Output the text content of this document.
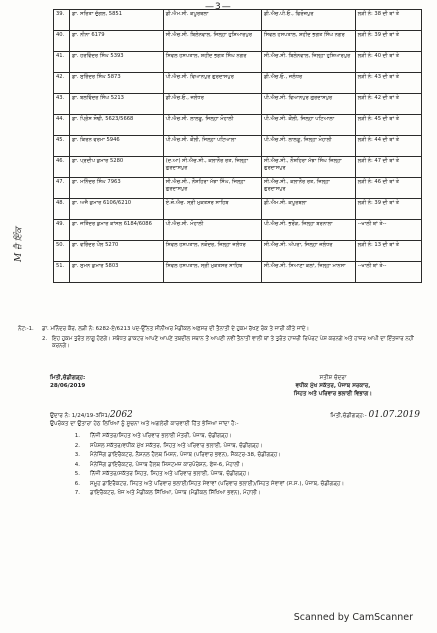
—3—
39.	ਡਾ. ਸਰਿਤਾ ਦੁੱਗਲ, 5851	ਡੀ.ਐਮ.ਸੀ. ਕਪੂਰਥਲਾ	ਡੀ.ਐਚ.ਪੀ.ਓ., ਫਿਰੋਜ਼ਪੁਰ	ਲੜੀ ਨੰ: 38 ਦੀ ਥਾਂ ਤੇ
40.	ਡਾ. ਨੀਨਾ 6179	ਸੀ.ਐਚ.ਸੀ. ਬਿਲੇਨਵਾਲ, ਜਿਲ੍ਹਾ ਹੁਸ਼ਿਆਰਪੁਰ	ਸਿਵਲ ਹਸਪਤਾਲ, ਸ਼ਹੀਦ ਭਗਤ ਸਿੰਘ ਨਗਰ	ਲੜੀ ਨੰ: 39 ਦੀ ਥਾਂ ਤੇ
41.	ਡਾ. ਹਰਵਿੰਦਰ ਸਿੰਘ 5393	ਸਿਵਲ ਹਸਪਤਾਲ, ਸ਼ਹੀਦ ਭਗਤ ਸਿੰਘ ਨਗਰ	ਸੀ.ਐਚ.ਸੀ. ਬਿਲੇਨਵਾਲ, ਜਿਲ੍ਹਾ ਹੁਸ਼ਿਆਰਪੁਰ	ਲੜੀ ਨੰ: 40 ਦੀ ਥਾਂ ਤੇ
42.	ਡਾ. ਸੁਰਿੰਦਰ ਸਿੰਘ 5873	ਪੀ.ਐਚ.ਸੀ. ਵਿਆਨਪੁਰ ਗੁਰਦਾਸਪੁਰ	ਡੀ.ਐਚ.ਓ., ਜਲੰਧਰ	ਲੜੀ ਨੰ: 43 ਦੀ ਥਾਂ ਤੇ
43.	ਡਾ. ਬਲਵਿੰਦਰ ਸਿੰਘ 5213	ਡੀ.ਐਚ.ਓ., ਜਲੰਧਰ	ਪੀ.ਐਚ.ਸੀ. ਵਿਆਨਪੁਰ ਗੁਰਦਾਸਪੁਰ	ਲੜੀ ਨੰ: 42 ਦੀ ਥਾਂ ਤੇ
44.	ਡਾ. ਪ੍ਰਿੰਸ ਸੋਢੀ, 5623/5668	ਪੀ.ਐਚ.ਸੀ. ਲਾਲੜੂ, ਜਿਲ੍ਹਾ ਮੋਹਾਲੀ	ਪੀ.ਐਚ.ਸੀ. ਕੌਲੀ, ਜਿਲ੍ਹਾ ਪਟਿਆਲਾ	ਲੜੀ ਨੰ: 45 ਦੀ ਥਾਂ ਤੇ
45.	ਡਾ. ਕਿਰਨ ਵਰਮਾ 5946	ਪੀ.ਐਚ.ਸੀ. ਕੌਲੀ, ਜਿਲ੍ਹਾ ਪਟਿਆਲਾ	ਪੀ.ਐਚ.ਸੀ. ਲਾਲੜੂ, ਜਿਲ੍ਹਾ ਮੋਹਾਲੀ	ਲੜੀ ਨੰ: 44 ਦੀ ਥਾਂ ਤੇ
46.	ਡਾ. ਪ੍ਰਦੀਪ ਕੁਮਾਰ 5280	(ਦ.ਆ) ਸੀ.ਐਚ.ਸੀ., ਕਲਾਨੌਰ ਰਤ, ਜਿਲ੍ਹਾ ਗੁਰਦਾਸਪੁਰ	ਸੀ.ਐਚ.ਸੀ., ਨੌਸ਼ਹਿਰਾ ਮੱਝਾ ਸਿੰਘ ਜਿਲ੍ਹਾ ਗੁਰਦਾਸਪੁਰ	ਲੜੀ ਨੰ: 47 ਦੀ ਥਾਂ ਤੇ
47.	ਡਾ. ਮਨਿੰਦਰ ਸਿੰਘ 7963	ਸੀ.ਐਚ.ਸੀ., ਨੌਸ਼ਹਿਰਾ ਮੱਝਾ ਸਿੰਘ, ਜਿਲ੍ਹਾ ਗੁਰਦਾਸਪੁਰ	ਸੀ.ਐਚ.ਸੀ., ਕਲਾਨੌਰ ਰਤ, ਜਿਲ੍ਹਾ ਗੁਰਦਾਸਪੁਰ	ਲੜੀ ਨੰ: 46 ਦੀ ਥਾਂ ਤੇ
48.	ਡਾ. ਅਜੈ ਕੁਮਾਰ 6106/6210	ਏ.ਜ਼ੋ.ਐਚ. ਸ੍ਰੀ ਮੁਕਤਸਰ ਸਾਹਿਬ	ਡੀ.ਐਮ.ਸੀ. ਕਪੂਰਥਲਾ	ਲੜੀ ਨੰ: 39 ਦੀ ਥਾਂ ਤੇ
49.	ਡਾ. ਜਤਿੰਦਰ ਕੁਮਾਰ ਕਾਂਸਲ 6184/6086	ਪੀ.ਐਚ.ਸੀ. ਮੋਹਾਲੀ	ਪੀ.ਐਚ.ਸੀ. ਭਰੌੜ, ਜਿਲ੍ਹਾ ਬਰਨਾਲਾ	--ਖਾਲੀ ਥਾਂ ਤੇ--
50.	ਡਾ. ਵਰਿੰਦਰ ਪੌਲ 5270	ਸਿਵਲ ਹਸਪਤਾਲ, ਨਕੋਦਰ, ਜਿਲ੍ਹਾ ਜਲੰਧਰ	ਸੀ.ਐਚ.ਸੀ. ਅੱਪਰਾ, ਜਿਲ੍ਹਾ ਜਲੰਧਰ	ਲੜੀ ਨੰ: 13 ਦੀ ਥਾਂ ਤੇ
51.	ਡਾ. ਸੁਮਨ ਕੁਮਾਰ 5803	ਸਿਵਲ ਹਸਪਤਾਲ, ਸ੍ਰੀ ਮੁਕਤਸਰ ਸਾਹਿਬ	ਸੀ.ਐਚ.ਸੀ. ਸਿਆਣਾ ਕਲਾਂ, ਜਿਲ੍ਹਾ ਮਾਨਸਾ	--ਖਾਲੀ ਥਾਂ ਤੇ--
M ਜ਼ੈ ਇੰਕ
ਨੋਟ:-1.	ਡਾ. ਮਨਿੰਦਰ ਕੌਰ, ਲੜੀ ਨੰ: 6282-ਏ/6213 ਪਦ-ਉੱਨਤ ਸੀਨੀਅਰ ਮੈਡੀਕਲ ਅਫ਼ਸਰ ਦੀ ਤੈਨਾਤੀ ਦੇ ਹੁਕਮ ਰੱਖਣ ਰੋਕ ਤੇ ਜਾਰੀ ਕੀਤੇ ਜਾਂਦੇ।
2. ਇਹ ਹੁਕਮ ਤੁਰੰਤ ਲਾਗੂ ਹੋਣਗੇ। ਸਬੰਧਤ ਡਾਕਟਰ ਆਪਣੇ ਆਪਣੇ ਤਬਦੀਲ ਸਥਾਨ ਤੋਂ ਆਪਣੀ ਨਵੀਂ ਤੈਨਾਤੀ ਵਾਲੀ ਥਾਂ ਤੇ ਤੁਰੰਤ ਹਾਜ਼ਰੀ ਰਿਪੋਰਟ ਪੇਸ਼ ਕਰਨਗੇ ਅਤੇ ਹਾਜ਼ਰ ਆਪੀ ਦਾ ਇੰਤਜ਼ਾਰ ਨਹੀਂ ਕਰਨਗੇ।
ਮਿਤੀ,ਚੰਡੀਗੜ੍ਹ:
28/06/2019
ਸਤੀਸ਼ ਚੰਦਰਾ
ਵਧੀਕ ਮੁੱਖ ਸਕੱਤਰ, ਪੰਜਾਬ ਸਰਕਾਰ,
ਸਿਹਤ ਅਤੇ ਪਰਿਵਾਰ ਭਲਾਈ ਵਿਭਾਗ।
ਉਦਾਰ ਨੰ: 1/24/19-3ਸਿ1/2062	ਮਿਤੀ,ਚੰਡੀਗੜ੍ਹ:- 01.07.2019
ਉਪਰੋਕਤ ਦਾ ਉਤਾਰਾ ਹੇਠ ਲਿਖਿਆਂ ਨੂੰ ਸੂਚਨਾ ਅਤੇ ਅਗਲੇਰੀ ਕਾਰਵਾਈ ਹਿੱਤ ਭੇਜਿਆ ਜਾਂਦਾ ਹੈ:-
1.	ਨਿੱਜੀ ਸਕੱਤਰ/ਸਿਹਤ ਅਤੇ ਪਰਿਵਾਰ ਭਲਾਈ ਮੰਤਰੀ, ਪੰਜਾਬ, ਚੰਡੀਗੜ੍ਹ।
2.	ਸਪੈਸ਼ਲ ਸਕੱਤਰ/ਵਧੀਕ ਮੁੱਖ ਸਕੱਤਰ, ਸਿਹਤ ਅਤੇ ਪਰਿਵਾਰ ਭਲਾਈ, ਪੰਜਾਬ, ਚੰਡੀਗੜ੍ਹ।
3.	ਮੈਨੇਜਿੰਗ ਡਾਇਰੈਕਟਰ, ਨੈਸ਼ਨਲ ਹੈਲਥ ਮਿਸ਼ਨ, ਪੰਜਾਬ (ਪਰਿਵਾਰ ਭਵਨ), ਸੈਕਟਰ-38, ਚੰਡੀਗੜ੍ਹ।
4.	ਮੈਨੇਜਿੰਗ ਡਾਇਰੈਕਟਰ, ਪੰਜਾਬ ਹੈਲਥ ਸਿਸਟਮਜ਼ ਕਾਰਪੋਰੇਸ਼ਨ, ਫੇਜ਼-6, ਮੋਹਾਲੀ।
5.	ਨਿੱਜੀ ਸਕੱਤਰ/ਸਕੱਤਰ ਸਿਹਤ, ਸਿਹਤ ਅਤੇ ਪਰਿਵਾਰ ਭਲਾਈ, ਪੰਜਾਬ, ਚੰਡੀਗੜ੍ਹ।
6.	ਸਮੂਹ ਡਾਇਰੈਕਟਰ, ਸਿਹਤ ਅਤੇ ਪਰਿਵਾਰ ਭਲਾਈ/ਸਿਹਤ ਸੇਵਾਵਾਂ (ਪਰਿਵਾਰ ਭਲਾਈ)/ਸਿਹਤ ਸੇਵਾਵਾਂ (ਸ.ਸ.), ਪੰਜਾਬ, ਚੰਡੀਗੜ੍ਹ।
7.	ਡਾਇਰੈਕਟਰ, ਖੋਜ ਅਤੇ ਮੈਡੀਕਲ ਸਿੱਖਿਆ, ਪੰਜਾਬ (ਮੈਡੀਕਲ ਸਿੱਖਿਆ ਭਵਨ), ਮੋਹਾਲੀ।
Scanned by CamScanner
